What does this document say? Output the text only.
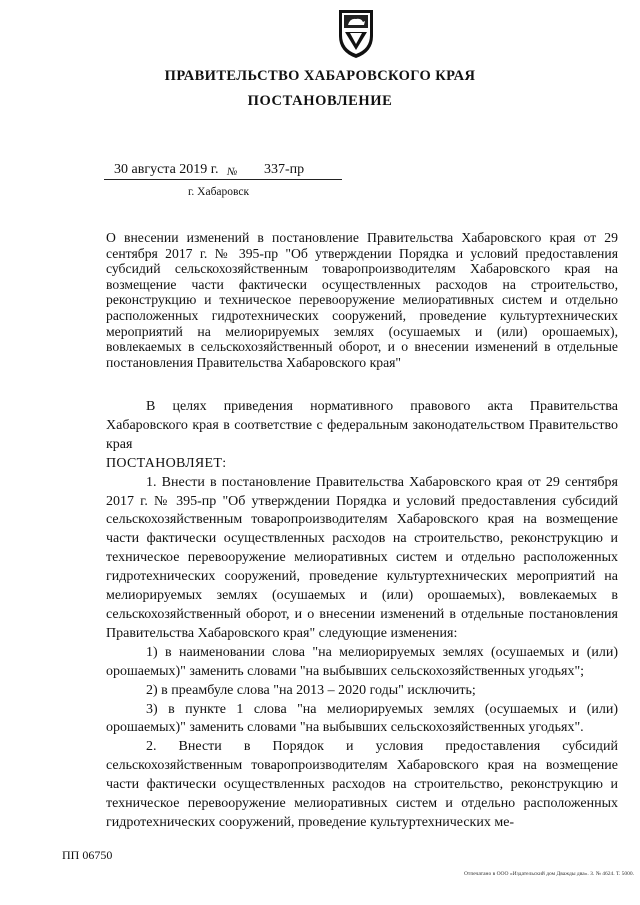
ПРАВИТЕЛЬСТВО ХАБАРОВСКОГО КРАЯ
ПОСТАНОВЛЕНИЕ
30 августа 2019 г. № 337-пр
г. Хабаровск
О внесении изменений в постановление Правительства Хабаровского края от 29 сентября 2017 г. № 395-пр "Об утверждении Порядка и условий предоставления субсидий сельскохозяйственным товаропроизводителям Хабаровского края на возмещение части фактически осуществленных расходов на строительство, реконструкцию и техническое перевооружение мелиоративных систем и отдельно расположенных гидротехнических сооружений, проведение культуртехнических мероприятий на мелиорируемых землях (осушаемых и (или) орошаемых), вовлекаемых в сельскохозяйственный оборот, и о внесении изменений в отдельные постановления Правительства Хабаровского края"

В целях приведения нормативного правового акта Правительства Хабаровского края в соответствие с федеральным законодательством Правительство края

ПОСТАНОВЛЯЕТ:

1. Внести в постановление Правительства Хабаровского края от 29 сентября 2017 г. № 395-пр "Об утверждении Порядка и условий предоставления субсидий сельскохозяйственным товаропроизводителям Хабаровского края на возмещение части фактически осуществленных расходов на строительство, реконструкцию и техническое перевооружение мелиоративных систем и отдельно расположенных гидротехнических сооружений, проведение культуртехнических мероприятий на мелиорируемых землях (осушаемых и (или) орошаемых), вовлекаемых в сельскохозяйственный оборот, и о внесении изменений в отдельные постановления Правительства Хабаровского края" следующие изменения:

1) в наименовании слова "на мелиорируемых землях (осушаемых и (или) орошаемых)" заменить словами "на выбывших сельскохозяйственных угодьях";

2) в преамбуле слова "на 2013 – 2020 годы" исключить;

3) в пункте 1 слова "на мелиорируемых землях (осушаемых и (или) орошаемых)" заменить словами "на выбывших сельскохозяйственных угодьях".

2. Внести в Порядок и условия предоставления субсидий сельскохозяйственным товаропроизводителям Хабаровского края на возмещение части фактически осуществленных расходов на строительство, реконструкцию и техническое перевооружение мелиоративных систем и отдельно расположенных гидротехнических сооружений, проведение культуртехнических ме-

ПП 06750
Отпечатано в ООО «Издательский дом Дважды два». З. № 4624. Т. 5000.
